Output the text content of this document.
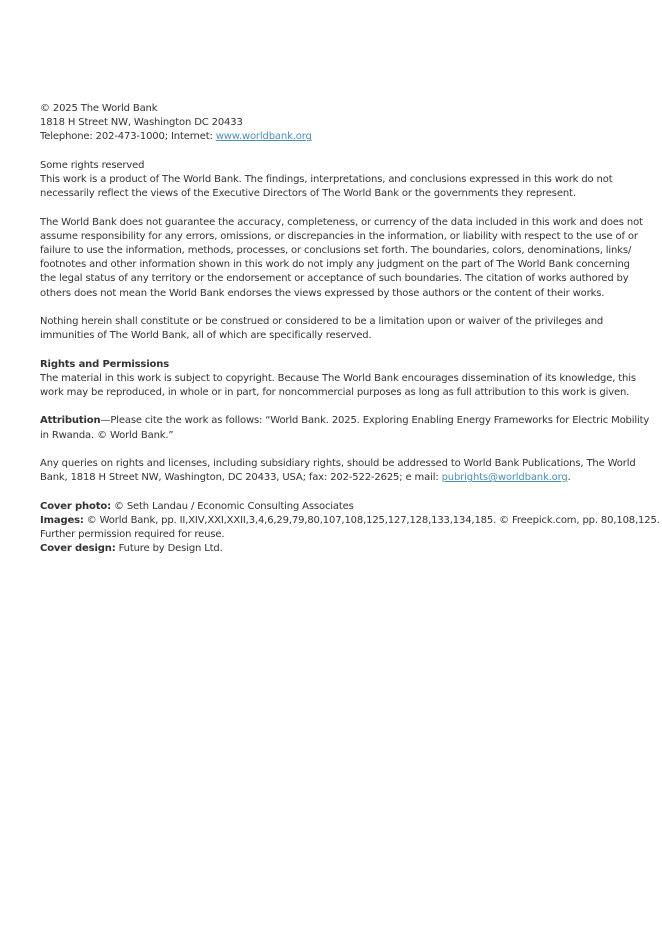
© 2025 The World Bank
1818 H Street NW, Washington DC 20433
Telephone: 202-473-1000; Internet: www.worldbank.org

Some rights reserved

This work is a product of The World Bank. The findings, interpretations, and conclusions expressed in this work do not
necessarily reflect the views of the Executive Directors of The World Bank or the governments they represent.
The World Bank does not guarantee the accuracy, completeness, or currency of the data included in this work and does not
assume responsibility for any errors, omissions, or discrepancies in the information, or liability with respect to the use of or
failure to use the information, methods, processes, or conclusions set forth. The boundaries, colors, denominations, links/
footnotes and other information shown in this work do not imply any judgment on the part of The World Bank concerning
the legal status of any territory or the endorsement or acceptance of such boundaries. The citation of works authored by
others does not mean the World Bank endorses the views expressed by those authors or the content of their works.
Nothing herein shall constitute or be construed or considered to be a limitation upon or waiver of the privileges and
immunities of The World Bank, all of which are specifically reserved.
Rights and Permissions
The material in this work is subject to copyright. Because The World Bank encourages dissemination of its knowledge, this
work may be reproduced, in whole or in part, for noncommercial purposes as long as full attribution to this work is given.
Attribution—Please cite the work as follows: “World Bank. 2025. Exploring Enabling Energy Frameworks for Electric Mobility
in Rwanda. © World Bank.”
Any queries on rights and licenses, including subsidiary rights, should be addressed to World Bank Publications, The World
Bank, 1818 H Street NW, Washington, DC 20433, USA; fax: 202-522-2625; e mail: pubrights@worldbank.org.
Cover photo: © Seth Landau / Economic Consulting Associates
Images: © World Bank, pp. II,XIV,XXI,XXII,3,4,6,29,79,80,107,108,125,127,128,133,134,185. © Freepick.com, pp. 80,108,125.
Further permission required for reuse.
Cover design: Future by Design Ltd.
